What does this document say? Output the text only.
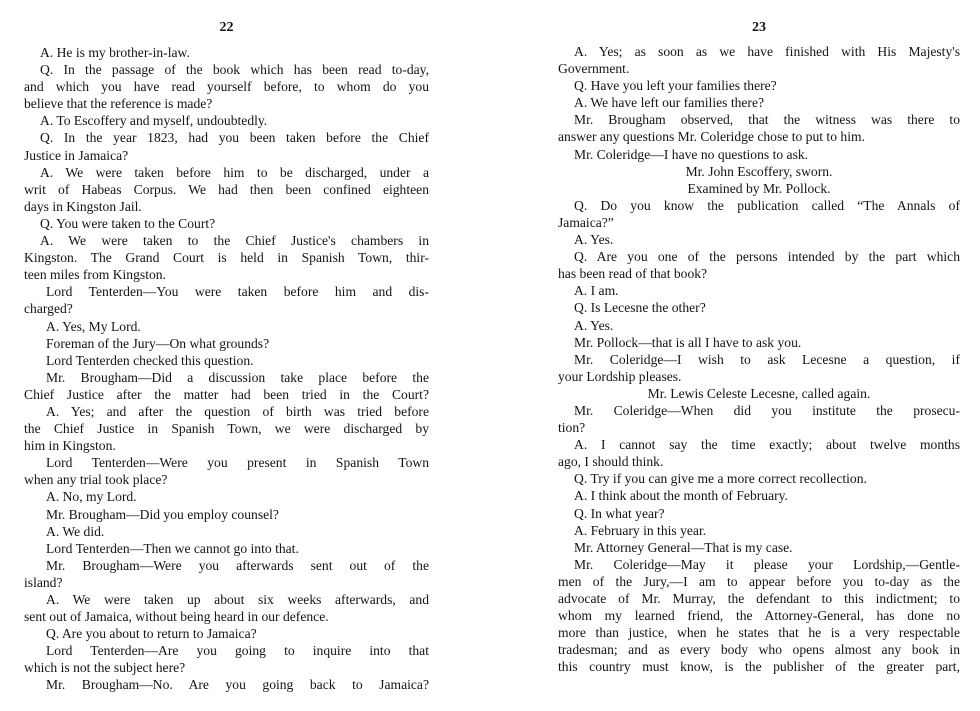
22
A. He is my brother-in-law.
Q. In the passage of the book which has been read to-day,
and which you have read yourself before, to whom do you
believe that the reference is made?
A. To Escoffery and myself, undoubtedly.
Q. In the year 1823, had you been taken before the Chief
Justice in Jamaica?
A. We were taken before him to be discharged, under a
writ of Habeas Corpus. We had then been confined eighteen
days in Kingston Jail.
Q. You were taken to the Court?
A. We were taken to the Chief Justice's chambers in
Kingston. The Grand Court is held in Spanish Town, thir-
teen miles from Kingston.
Lord Tenterden—You were taken before him and dis-
charged?
A. Yes, My Lord.
Foreman of the Jury—On what grounds?
Lord Tenterden checked this question.
Mr. Brougham—Did a discussion take place before the
Chief Justice after the matter had been tried in the Court?
A. Yes; and after the question of birth was tried before
the Chief Justice in Spanish Town, we were discharged by
him in Kingston.
Lord Tenterden—Were you present in Spanish Town
when any trial took place?
A. No, my Lord.
Mr. Brougham—Did you employ counsel?
A. We did.
Lord Tenterden—Then we cannot go into that.
Mr. Brougham—Were you afterwards sent out of the
island?
A. We were taken up about six weeks afterwards, and
sent out of Jamaica, without being heard in our defence.
Q. Are you about to return to Jamaica?
Lord Tenterden—Are you going to inquire into that
which is not the subject here?
Mr. Brougham—No. Are you going back to Jamaica?
23
A. Yes; as soon as we have finished with His Majesty's
Government.
Q. Have you left your families there?
A. We have left our families there?
Mr. Brougham observed, that the witness was there to
answer any questions Mr. Coleridge chose to put to him.
Mr. Coleridge—I have no questions to ask.
Mr. John Escoffery, sworn.
Examined by Mr. Pollock.
Q. Do you know the publication called “The Annals of
Jamaica?”
A. Yes.
Q. Are you one of the persons intended by the part which
has been read of that book?
A. I am.
Q. Is Lecesne the other?
A. Yes.
Mr. Pollock—that is all I have to ask you.
Mr. Coleridge—I wish to ask Lecesne a question, if
your Lordship pleases.
Mr. Lewis Celeste Lecesne, called again.
Mr. Coleridge—When did you institute the prosecu-
tion?
A. I cannot say the time exactly; about twelve months
ago, I should think.
Q. Try if you can give me a more correct recollection.
A. I think about the month of February.
Q. In what year?
A. February in this year.
Mr. Attorney General—That is my case.
Mr. Coleridge—May it please your Lordship,—Gentle-
men of the Jury,—I am to appear before you to-day as the
advocate of Mr. Murray, the defendant to this indictment; to
whom my learned friend, the Attorney-General, has done no
more than justice, when he states that he is a very respectable
tradesman; and as every body who opens almost any book in
this country must know, is the publisher of the greater part,
